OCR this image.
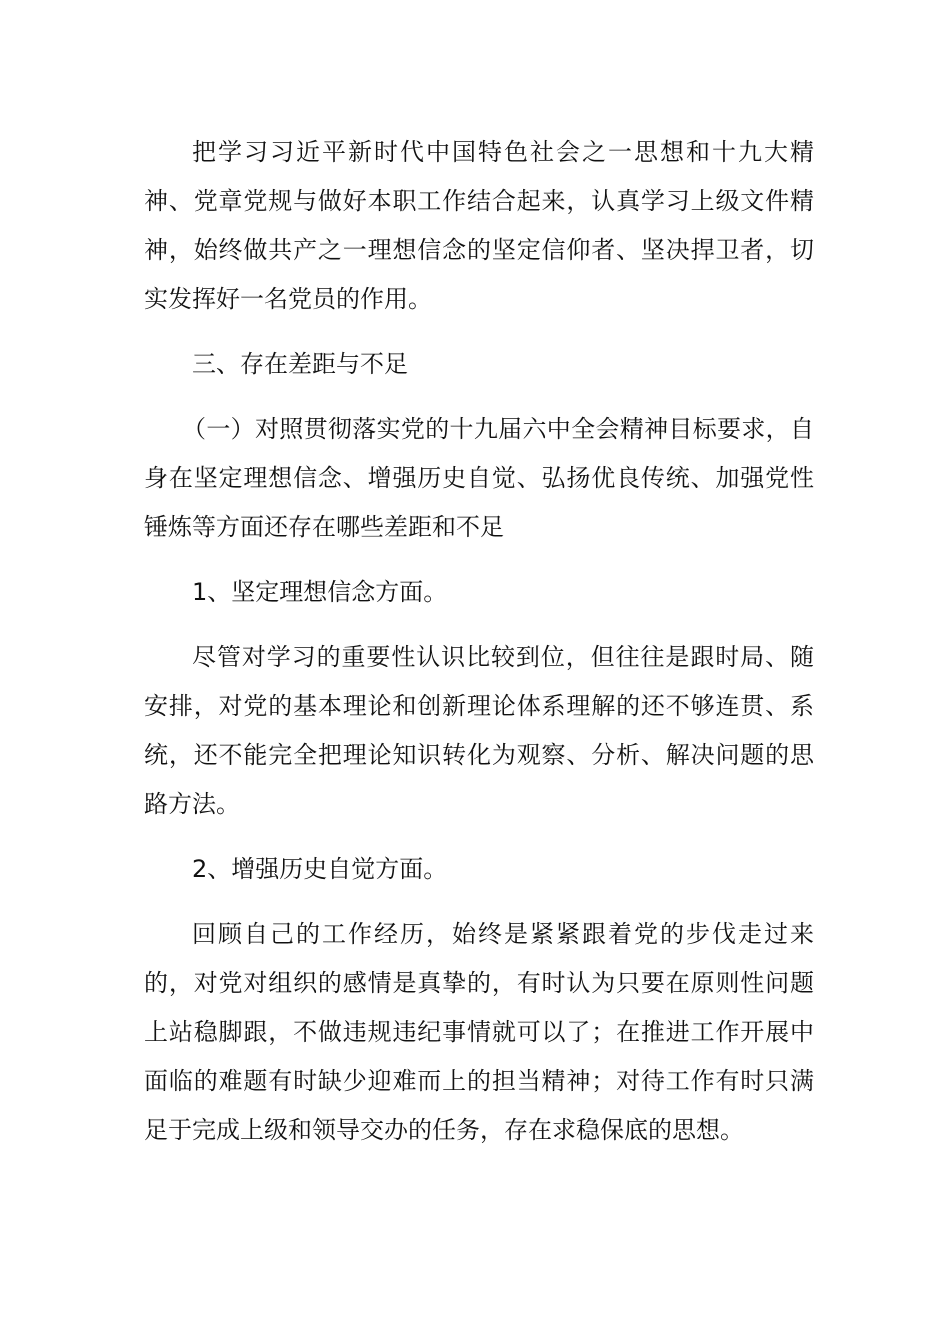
把学习习近平新时代中国特色社会之一思想和十九大精神、党章党规与做好本职工作结合起来，认真学习上级文件精神，始终做共产之一理想信念的坚定信仰者、坚决捍卫者，切实发挥好一名党员的作用。

三、存在差距与不足

（一）对照贯彻落实党的十九届六中全会精神目标要求，自身在坚定理想信念、增强历史自觉、弘扬优良传统、加强党性锤炼等方面还存在哪些差距和不足

1、坚定理想信念方面。

尽管对学习的重要性认识比较到位，但往往是跟时局、随安排，对党的基本理论和创新理论体系理解的还不够连贯、系统，还不能完全把理论知识转化为观察、分析、解决问题的思路方法。

2、增强历史自觉方面。

回顾自己的工作经历，始终是紧紧跟着党的步伐走过来的，对党对组织的感情是真挚的，有时认为只要在原则性问题上站稳脚跟，不做违规违纪事情就可以了；在推进工作开展中面临的难题有时缺少迎难而上的担当精神；对待工作有时只满足于完成上级和领导交办的任务，存在求稳保底的思想。
